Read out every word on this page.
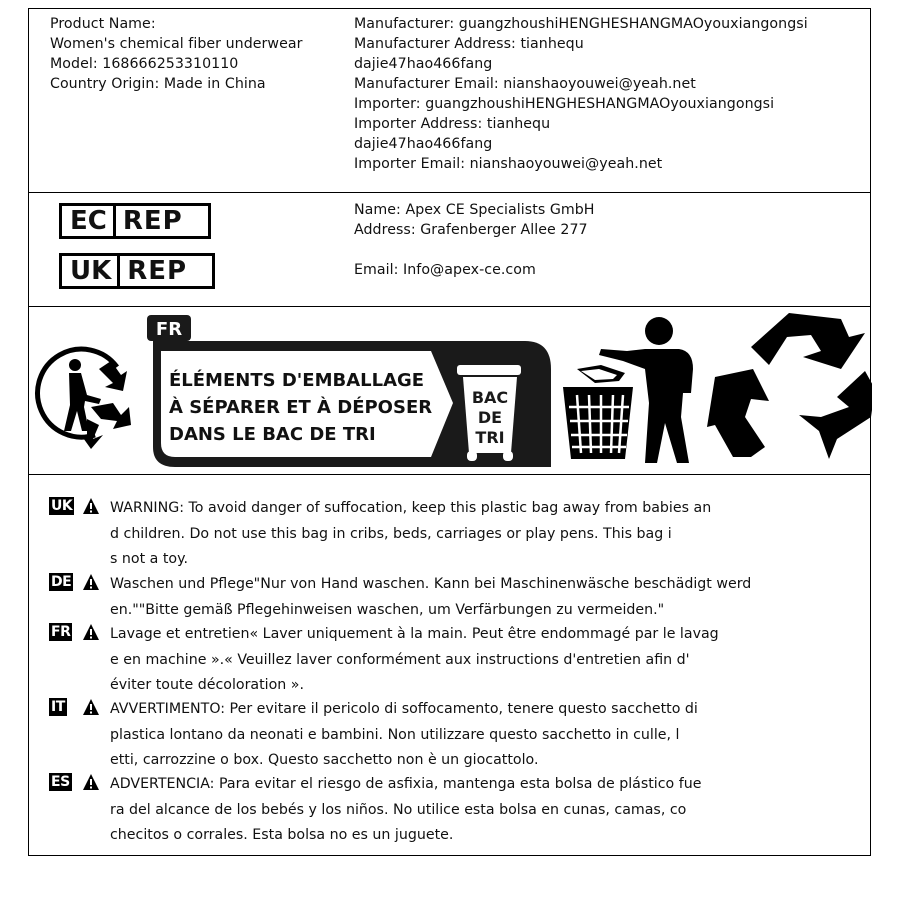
Product Name:
Women's chemical fiber underwear
Model: 168666253310110
Country Origin: Made in China
Manufacturer: guangzhoushiHENGHESHANGMAOyouxiangongsi
Manufacturer Address: tianhequ
dajie47hao466fang
Manufacturer Email: nianshaoyouwei@yeah.net
Importer: guangzhoushiHENGHESHANGMAOyouxiangongsi
Importer Address: tianhequ
dajie47hao466fang
Importer Email: nianshaoyouwei@yeah.net
EC REP
UK REP
Name: Apex CE Specialists GmbH
Address: Grafenberger Allee 277
Email: Info@apex-ce.com
FR
ÉLÉMENTS D'EMBALLAGE
À SÉPARER ET À DÉPOSER
DANS LE BAC DE TRI
BAC
DE
TRI
UK	WARNING: To avoid danger of suffocation, keep this plastic bag away from babies an
d children. Do not use this bag in cribs, beds, carriages or play pens. This bag i
s not a toy.
DE	Waschen und Pflege"Nur von Hand waschen. Kann bei Maschinenwäsche beschädigt werd
en.""Bitte gemäß Pflegehinweisen waschen, um Verfärbungen zu vermeiden."
FR	Lavage et entretien« Laver uniquement à la main. Peut être endommagé par le lavag
e en machine ».« Veuillez laver conformément aux instructions d'entretien afin d'
éviter toute décoloration ».
IT	AVVERTIMENTO: Per evitare il pericolo di soffocamento, tenere questo sacchetto di
plastica lontano da neonati e bambini. Non utilizzare questo sacchetto in culle, l
etti, carrozzine o box. Questo sacchetto non è un giocattolo.
ES	ADVERTENCIA: Para evitar el riesgo de asfixia, mantenga esta bolsa de plástico fue
ra del alcance de los bebés y los niños. No utilice esta bolsa en cunas, camas, co
checitos o corrales. Esta bolsa no es un juguete.
